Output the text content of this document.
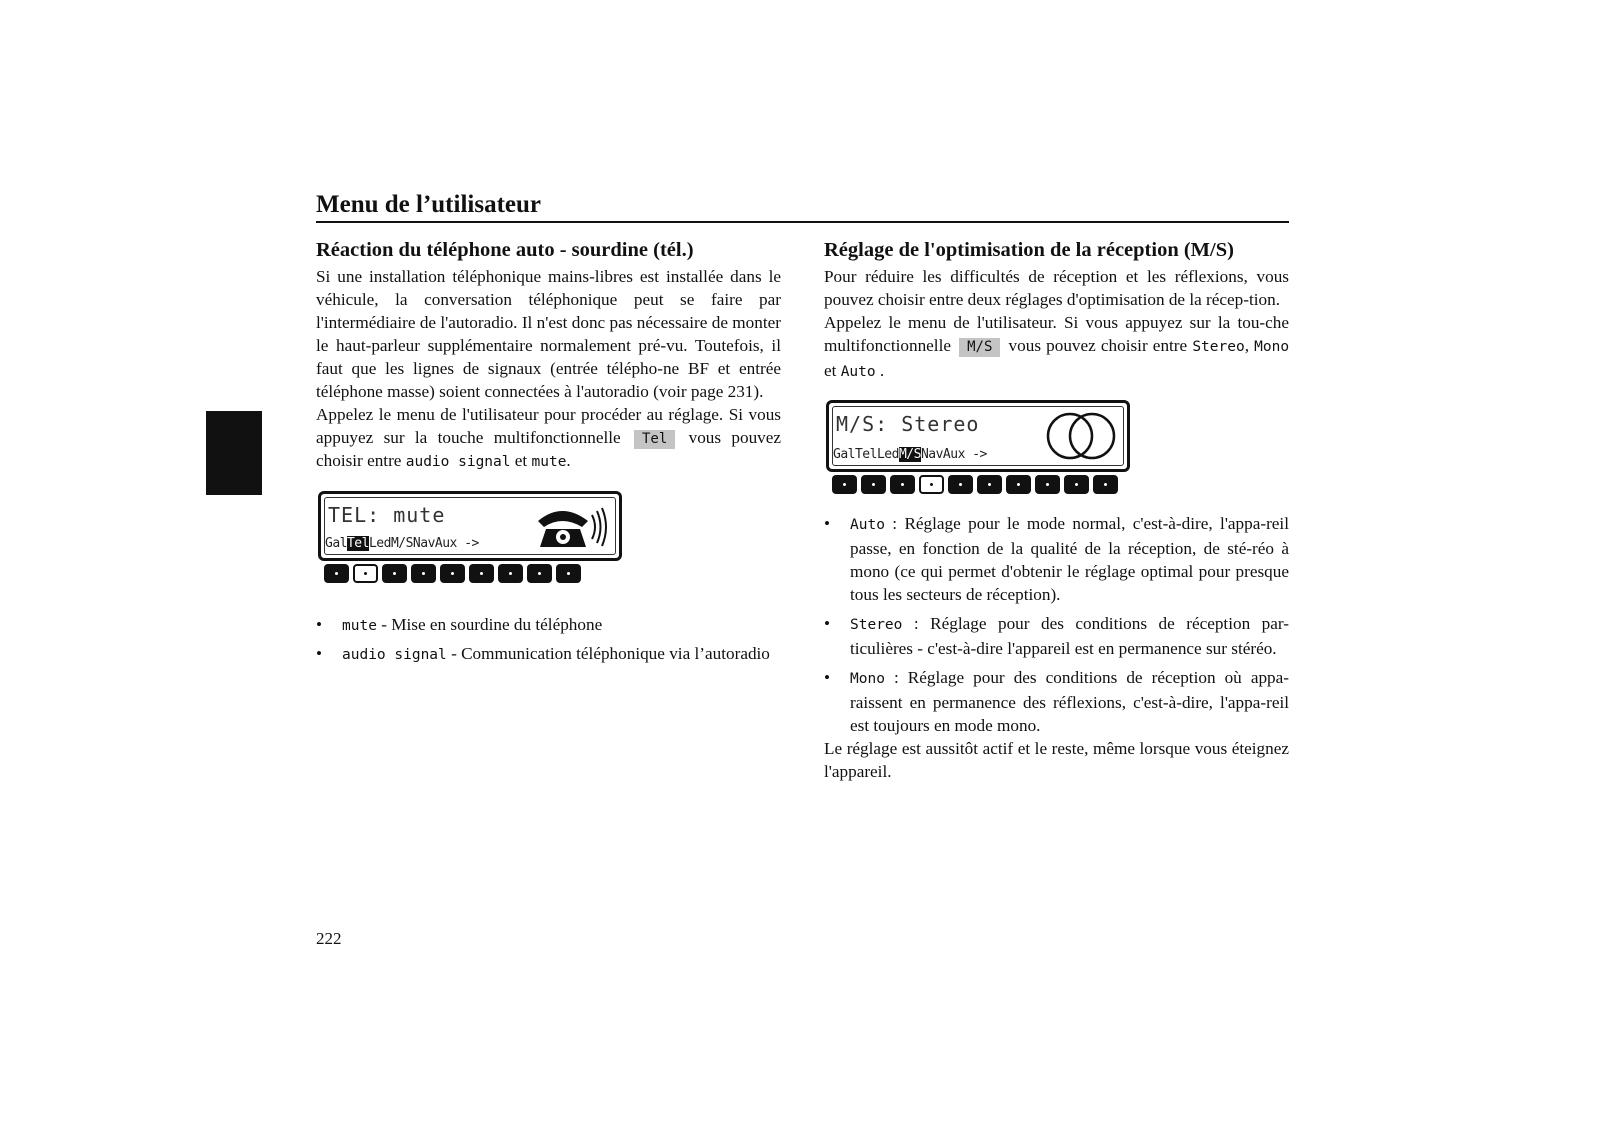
Menu de l’utilisateur
Réaction du téléphone auto - sourdine (tél.)

Si une installation téléphonique mains-libres est installée dans le véhicule, la conversation téléphonique peut se faire par l'intermédiaire de l'autoradio. Il n'est donc pas nécessaire de monter le haut-parleur supplémentaire normalement pré-vu. Toutefois, il faut que les lignes de signaux (entrée télépho-ne BF et entrée téléphone masse) soient connectées à l'autoradio (voir page 231).

Appelez le menu de l'utilisateur pour procéder au réglage. Si vous appuyez sur la touche multifonctionnelle Tel vous pouvez choisir entre audio signal et mute.

TEL: mute
GalTelLedM/SNavAux ->
• mute - Mise en sourdine du téléphone
• audio signal - Communication téléphonique via l’autoradio
Réglage de l'optimisation de la réception (M/S)

Pour réduire les difficultés de réception et les réflexions, vous pouvez choisir entre deux réglages d'optimisation de la récep-tion.

Appelez le menu de l'utilisateur. Si vous appuyez sur la tou-che multifonctionnelle M/S vous pouvez choisir entre Stereo, Mono et Auto .

M/S: Stereo
GalTelLedM/SNavAux ->
• Auto : Réglage pour le mode normal, c'est-à-dire, l'appa-reil passe, en fonction de la qualité de la réception, de sté-réo à mono (ce qui permet d'obtenir le réglage optimal pour presque tous les secteurs de réception).
• Stereo : Réglage pour des conditions de réception par-ticulières - c'est-à-dire l'appareil est en permanence sur stéréo.
• Mono : Réglage pour des conditions de réception où appa-raissent en permanence des réflexions, c'est-à-dire, l'appa-reil est toujours en mode mono.

Le réglage est aussitôt actif et le reste, même lorsque vous éteignez l'appareil.

222
